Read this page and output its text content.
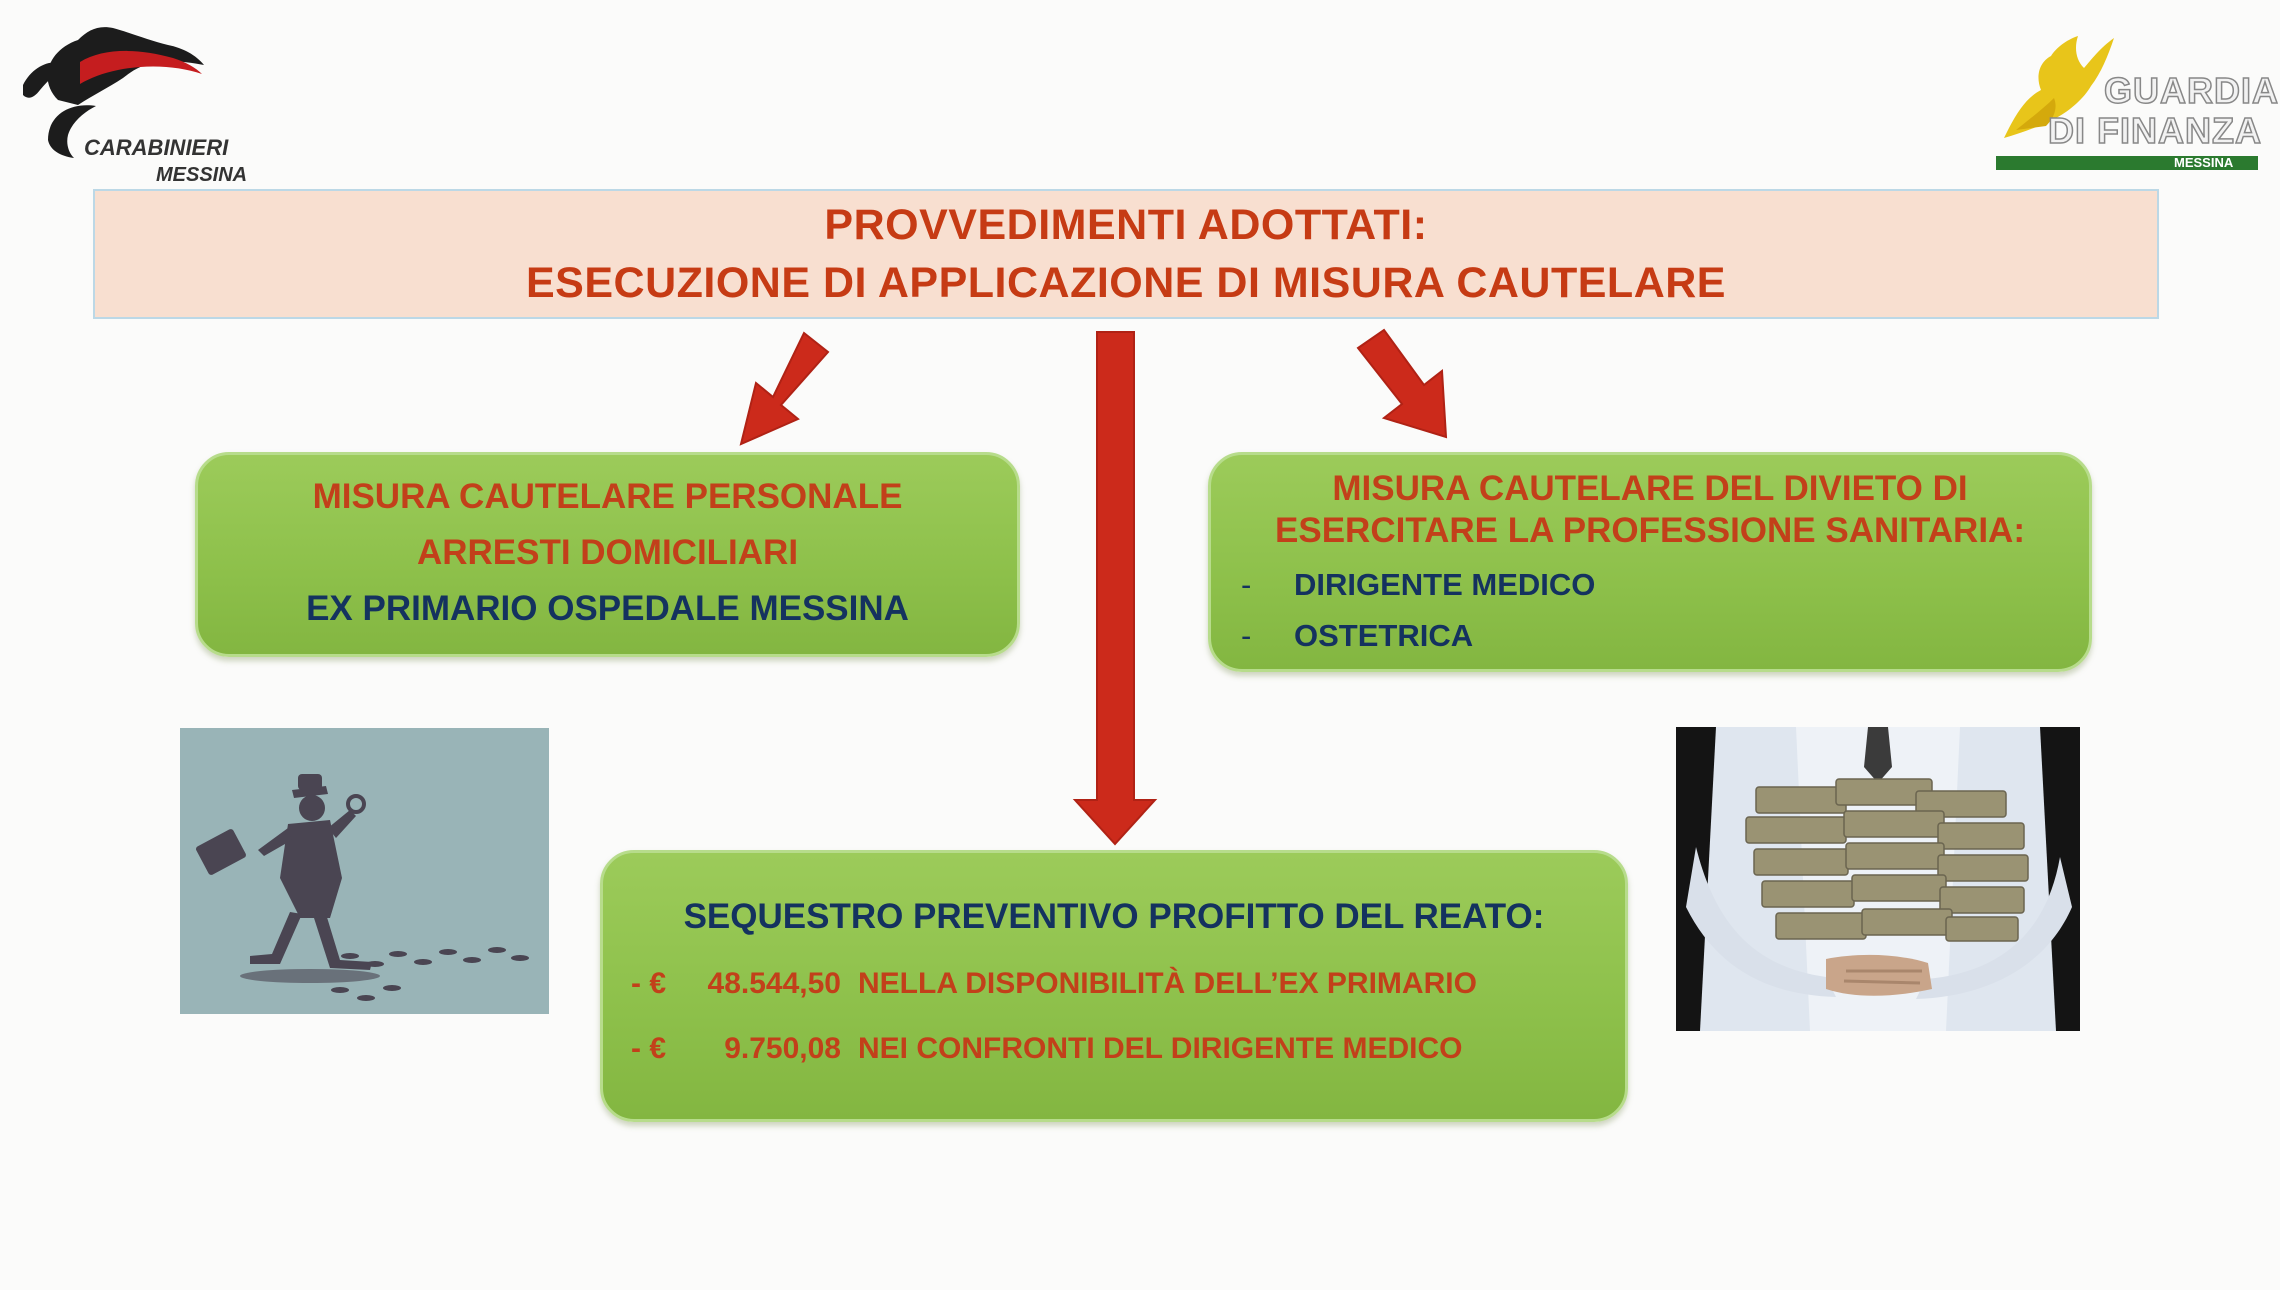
CARABINIERI
MESSINA
GUARDIA
DI FINANZA
MESSINA
PROVVEDIMENTI ADOTTATI:
ESECUZIONE DI APPLICAZIONE DI MISURA CAUTELARE
MISURA CAUTELARE PERSONALE
ARRESTI DOMICILIARI
EX PRIMARIO OSPEDALE MESSINA
MISURA CAUTELARE DEL DIVIETO DI
ESERCITARE LA PROFESSIONE SANITARIA:
- DIRIGENTE MEDICO
- OSTETRICA
SEQUESTRO PREVENTIVO PROFITTO DEL REATO:
- €	48.544,50 NELLA DISPONIBILITÀ DELL’EX PRIMARIO
- €	9.750,08 NEI CONFRONTI DEL DIRIGENTE MEDICO
